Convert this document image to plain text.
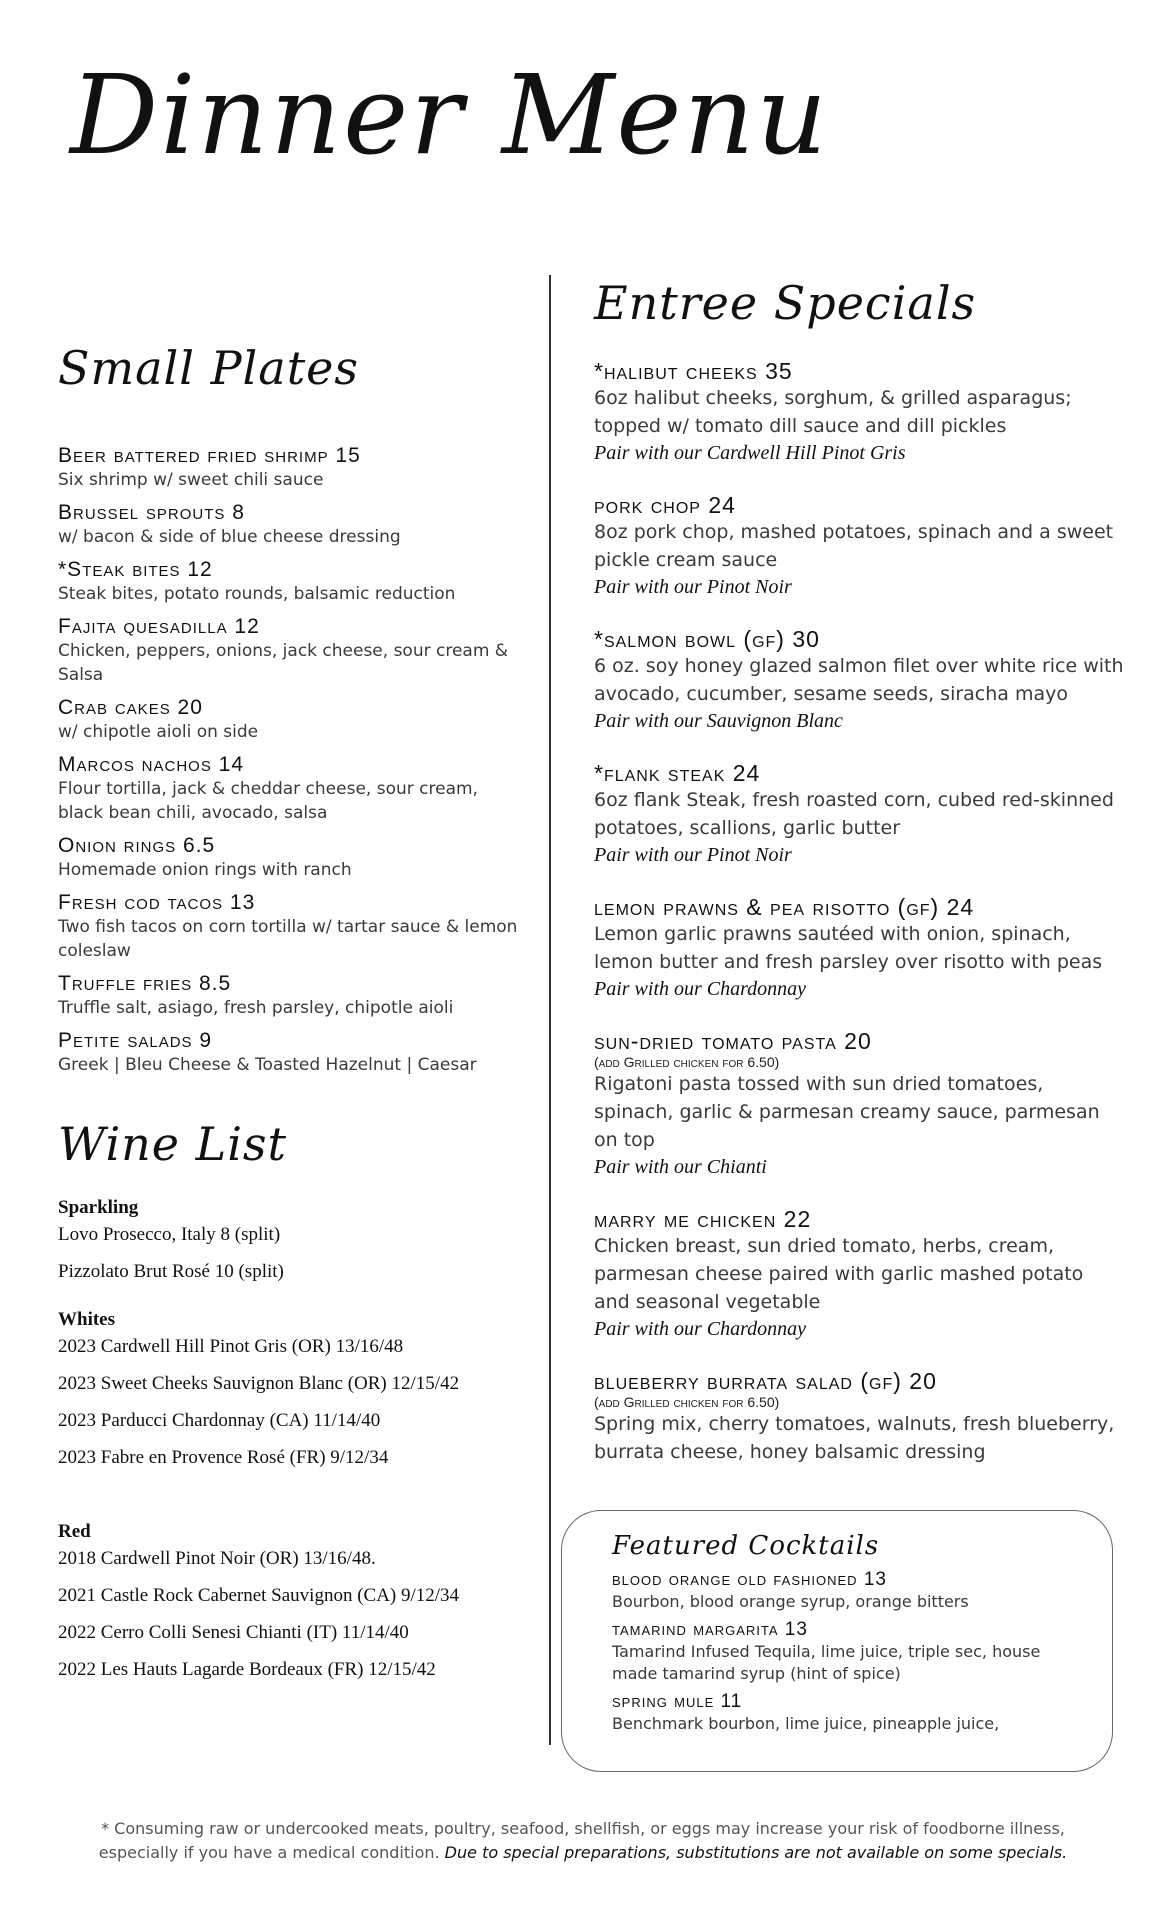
Dinner Menu
Small Plates
Beer battered fried shrimp 15
Six shrimp w/ sweet chili sauce
Brussel sprouts 8
w/ bacon & side of blue cheese dressing
*Steak bites 12
Steak bites, potato rounds, balsamic reduction
Fajita quesadilla 12
Chicken, peppers, onions, jack cheese, sour cream & Salsa
Crab cakes 20
w/ chipotle aioli on side
Marcos nachos 14
Flour tortilla, jack & cheddar cheese, sour cream, black bean chili, avocado, salsa
Onion rings 6.5
Homemade onion rings with ranch
Fresh cod tacos 13
Two fish tacos on corn tortilla w/ tartar sauce & lemon coleslaw
Truffle fries 8.5
Truffle salt, asiago, fresh parsley, chipotle aioli
Petite salads 9
Greek | Bleu Cheese & Toasted Hazelnut | Caesar
Wine List
Sparkling
Lovo Prosecco, Italy 8 (split)
Pizzolato Brut Rosé 10 (split)
Whites
2023 Cardwell Hill Pinot Gris (OR) 13/16/48
2023 Sweet Cheeks Sauvignon Blanc (OR) 12/15/42
2023 Parducci Chardonnay (CA) 11/14/40
2023 Fabre en Provence Rosé (FR) 9/12/34
Red
2018 Cardwell Pinot Noir (OR) 13/16/48.
2021 Castle Rock Cabernet Sauvignon (CA) 9/12/34
2022 Cerro Colli Senesi Chianti (IT) 11/14/40
2022 Les Hauts Lagarde Bordeaux (FR) 12/15/42
Entree Specials
*halibut cheeks 35
6oz halibut cheeks, sorghum, & grilled asparagus; topped w/ tomato dill sauce and dill pickles
Pair with our Cardwell Hill Pinot Gris
pork chop 24
8oz pork chop, mashed potatoes, spinach and a sweet pickle cream sauce
Pair with our Pinot Noir
*salmon bowl (gf) 30
6 oz. soy honey glazed salmon filet over white rice with avocado, cucumber, sesame seeds, siracha mayo
Pair with our Sauvignon Blanc
*flank steak 24
6oz flank Steak, fresh roasted corn, cubed red-skinned potatoes, scallions, garlic butter
Pair with our Pinot Noir
lemon prawns & pea risotto (gf) 24
Lemon garlic prawns sautéed with onion, spinach, lemon butter and fresh parsley over risotto with peas
Pair with our Chardonnay
sun-dried tomato pasta 20
(add Grilled chicken for 6.50)
Rigatoni pasta tossed with sun dried tomatoes, spinach, garlic & parmesan creamy sauce, parmesan on top
Pair with our Chianti
marry me chicken 22
Chicken breast, sun dried tomato, herbs, cream, parmesan cheese paired with garlic mashed potato and seasonal vegetable
Pair with our Chardonnay
blueberry burrata salad (gf) 20
(add Grilled chicken for 6.50)
Spring mix, cherry tomatoes, walnuts, fresh blueberry, burrata cheese, honey balsamic dressing
Featured Cocktails
blood orange old fashioned 13
Bourbon, blood orange syrup, orange bitters
tamarind margarita 13
Tamarind Infused Tequila, lime juice, triple sec, house made tamarind syrup (hint of spice)
spring mule 11
Benchmark bourbon, lime juice, pineapple juice,
* Consuming raw or undercooked meats, poultry, seafood, shellfish, or eggs may increase your risk of foodborne illness,
especially if you have a medical condition. Due to special preparations, substitutions are not available on some specials.
